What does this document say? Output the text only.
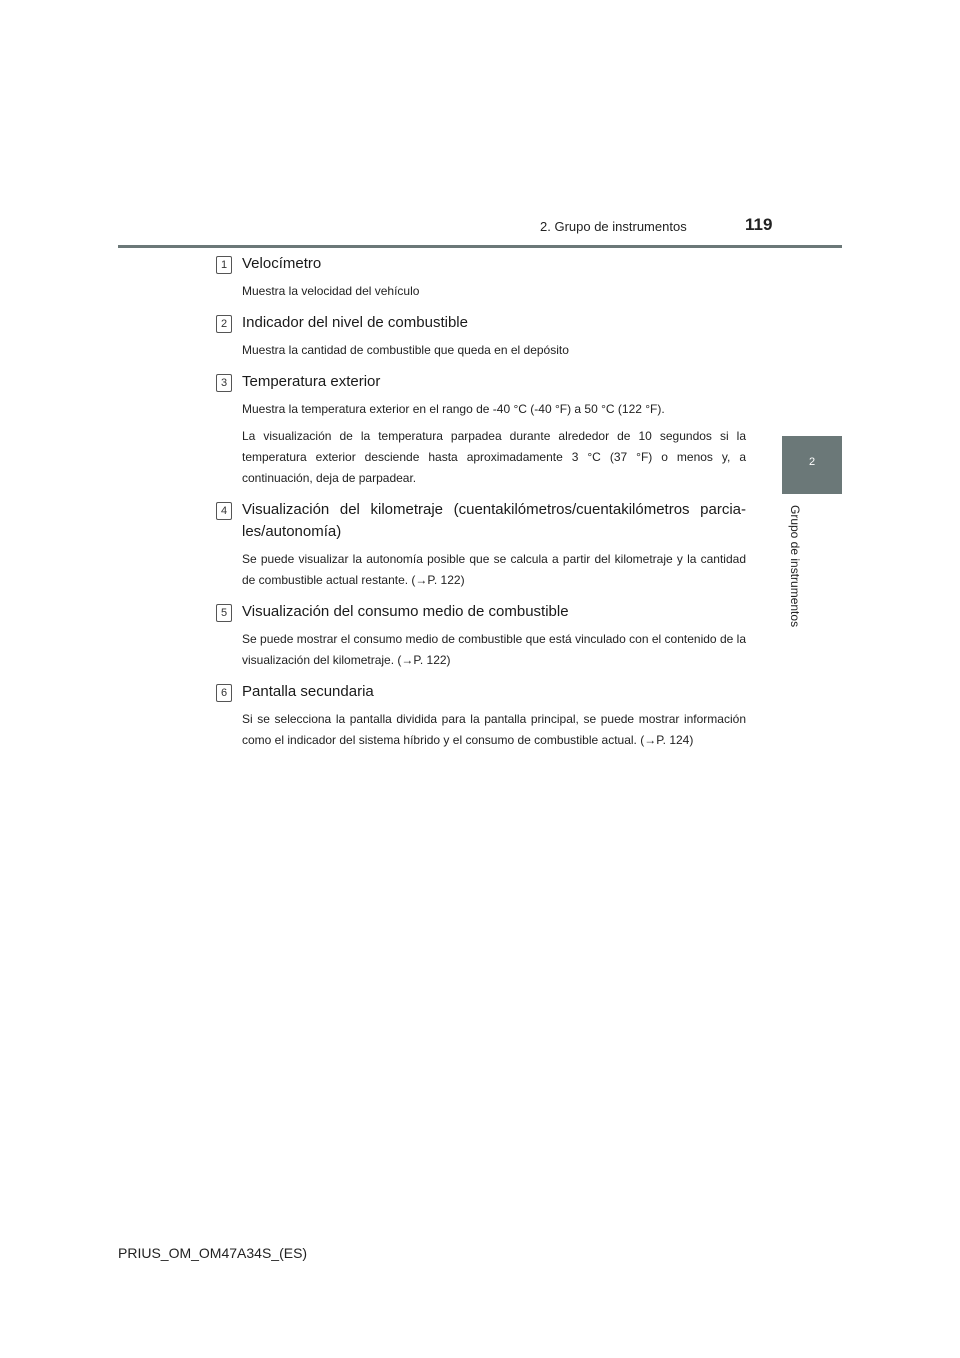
2. Grupo de instrumentos	119
2
Grupo de instrumentos
1 Velocímetro
Muestra la velocidad del vehículo
2 Indicador del nivel de combustible
Muestra la cantidad de combustible que queda en el depósito
3 Temperatura exterior
Muestra la temperatura exterior en el rango de -40 °C (-40 °F) a 50 °C (122 °F).
La visualización de la temperatura parpadea durante alrededor de 10 segundos si la temperatura exterior desciende hasta aproximadamente 3 °C (37 °F) o menos y, a continuación, deja de parpadear.
4 Visualización del kilometraje (cuentakilómetros/cuentakilómetros parcia-les/autonomía)
Se puede visualizar la autonomía posible que se calcula a partir del kilometraje y la cantidad de combustible actual restante. (→P. 122)
5 Visualización del consumo medio de combustible
Se puede mostrar el consumo medio de combustible que está vinculado con el contenido de la visualización del kilometraje. (→P. 122)
6 Pantalla secundaria
Si se selecciona la pantalla dividida para la pantalla principal, se puede mostrar información como el indicador del sistema híbrido y el consumo de combustible actual. (→P. 124)
PRIUS_OM_OM47A34S_(ES)
